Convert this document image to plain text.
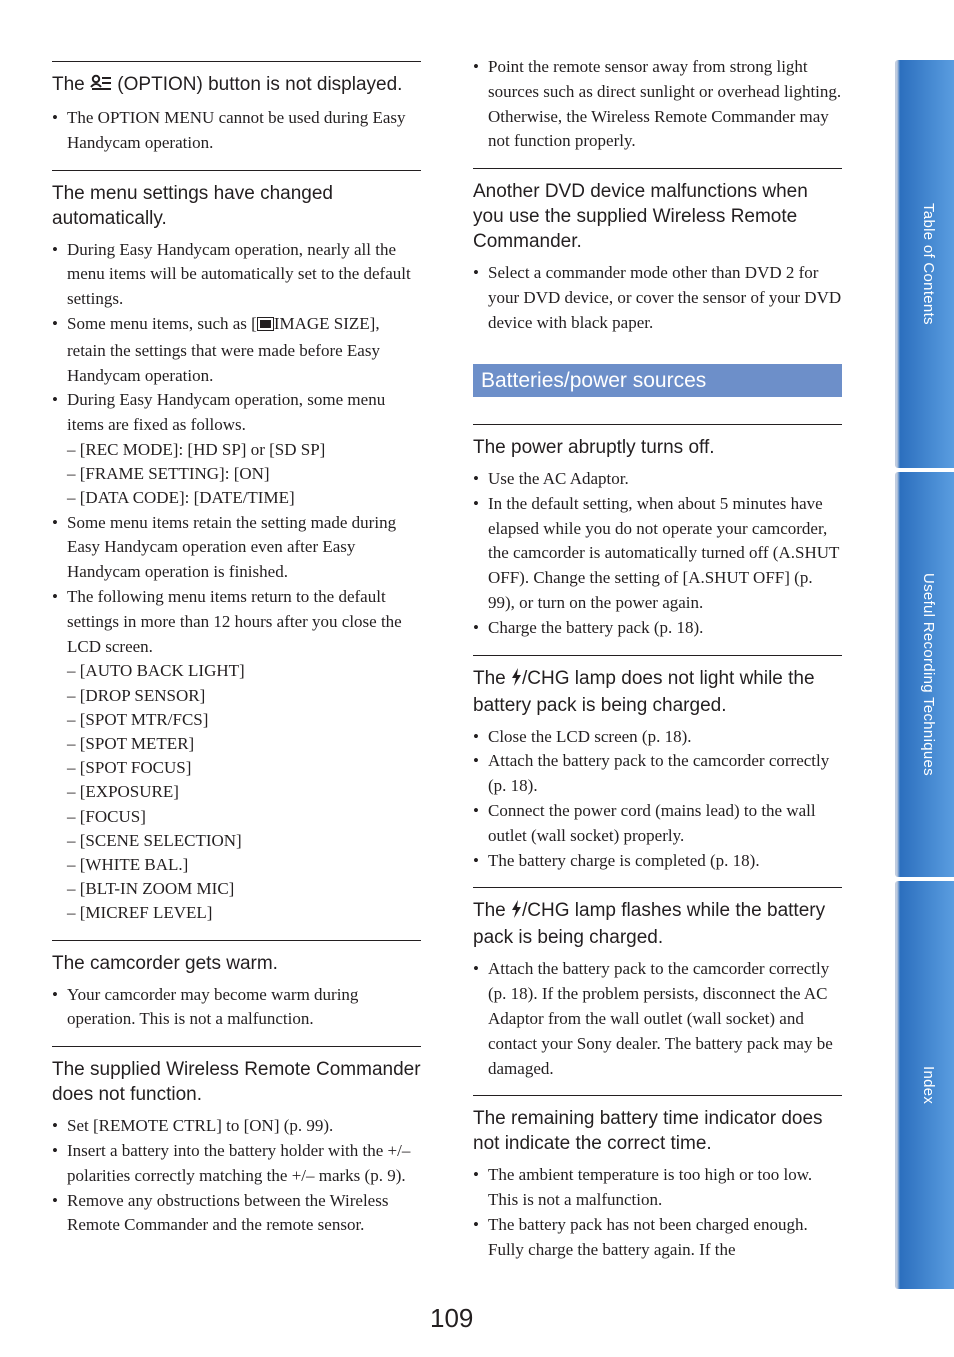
The  (OPTION) button is not displayed.

• The OPTION MENU cannot be used during Easy Handycam operation.

The menu settings have changed automatically.

• During Easy Handycam operation, nearly all the menu items will be automatically set to the default settings.
• Some menu items, such as [ IMAGE SIZE], retain the settings that were made before Easy Handycam operation.
• During Easy Handycam operation, some menu items are fixed as follows.
– [REC MODE]: [HD SP] or [SD SP]
– [FRAME SETTING]: [ON]
– [DATA CODE]: [DATE/TIME]
• Some menu items retain the setting made during Easy Handycam operation even after Easy Handycam operation is finished.
• The following menu items return to the default settings in more than 12 hours after you close the LCD screen.
– [AUTO BACK LIGHT]
– [DROP SENSOR]
– [SPOT MTR/FCS]
– [SPOT METER]
– [SPOT FOCUS]
– [EXPOSURE]
– [FOCUS]
– [SCENE SELECTION]
– [WHITE BAL.]
– [BLT-IN ZOOM MIC]
– [MICREF LEVEL]

The camcorder gets warm.

• Your camcorder may become warm during operation. This is not a malfunction.

The supplied Wireless Remote Commander does not function.

• Set [REMOTE CTRL] to [ON] (p. 99).
• Insert a battery into the battery holder with the +/– polarities correctly matching the +/– marks (p. 9).
• Remove any obstructions between the Wireless Remote Commander and the remote sensor.
• Point the remote sensor away from strong light sources such as direct sunlight or overhead lighting. Otherwise, the Wireless Remote Commander may not function properly.

Another DVD device malfunctions when you use the supplied Wireless Remote Commander.

• Select a commander mode other than DVD 2 for your DVD device, or cover the sensor of your DVD device with black paper.
Batteries/power sources

The power abruptly turns off.

• Use the AC Adaptor.
• In the default setting, when about 5 minutes have elapsed while you do not operate your camcorder, the camcorder is automatically turned off (A.SHUT OFF). Change the setting of [A.SHUT OFF] (p. 99), or turn on the power again.
• Charge the battery pack (p. 18).

The /CHG lamp does not light while the battery pack is being charged.

• Close the LCD screen (p. 18).
• Attach the battery pack to the camcorder correctly (p. 18).
• Connect the power cord (mains lead) to the wall outlet (wall socket) properly.
• The battery charge is completed (p. 18).

The /CHG lamp flashes while the battery pack is being charged.

• Attach the battery pack to the camcorder correctly (p. 18). If the problem persists, disconnect the AC Adaptor from the wall outlet (wall socket) and contact your Sony dealer. The battery pack may be damaged.

The remaining battery time indicator does not indicate the correct time.

• The ambient temperature is too high or too low. This is not a malfunction.
• The battery pack has not been charged enough. Fully charge the battery again. If the
109
Table of Contents
Useful Recording Techniques
Index
